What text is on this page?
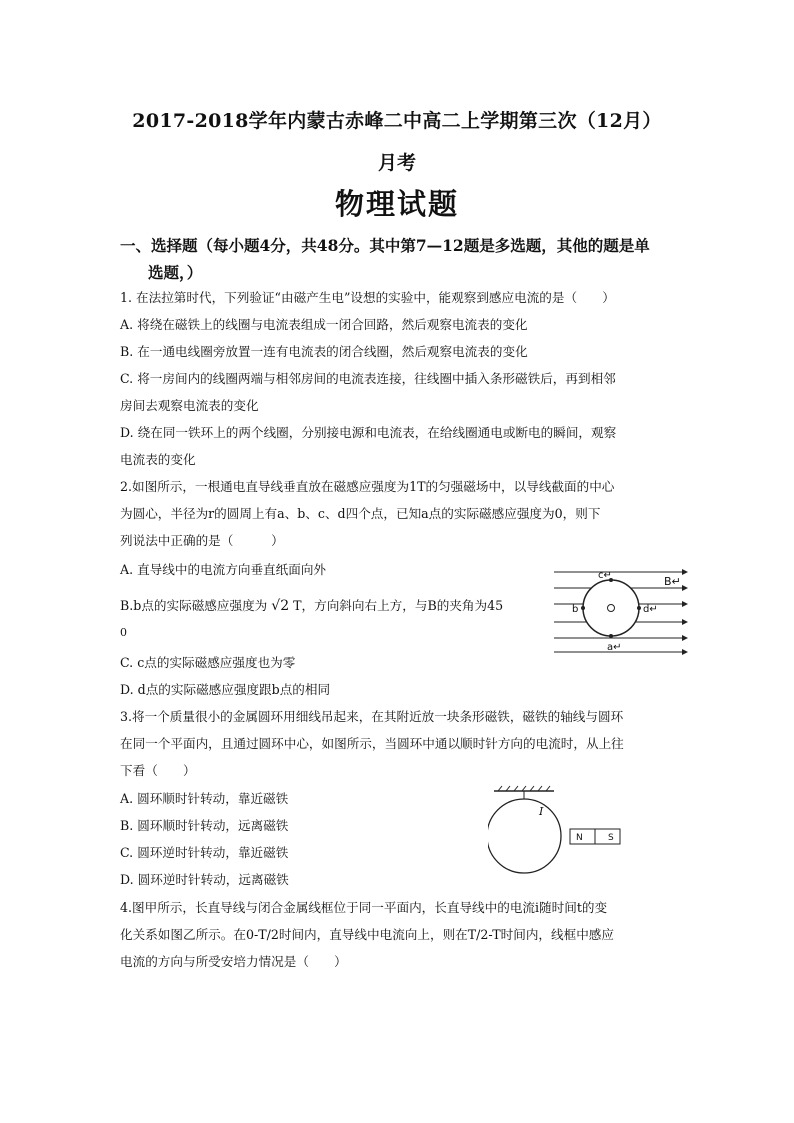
2017-2018学年内蒙古赤峰二中高二上学期第三次（12月）
月考
物理试题
一、选择题（每小题4分，共48分。其中第7—12题是多选题，其他的题是单
选题，）
1. 在法拉第时代，下列验证“由磁产生电”设想的实验中，能观察到感应电流的是（　　）
A. 将绕在磁铁上的线圈与电流表组成一闭合回路，然后观察电流表的变化
B. 在一通电线圈旁放置一连有电流表的闭合线圈，然后观察电流表的变化
C. 将一房间内的线圈两端与相邻房间的电流表连接，往线圈中插入条形磁铁后，再到相邻
房间去观察电流表的变化
D. 绕在同一铁环上的两个线圈，分别接电源和电流表，在给线圈通电或断电的瞬间，观察
电流表的变化
2.如图所示，一根通电直导线垂直放在磁感应强度为1T的匀强磁场中，以导线截面的中心
为圆心，半径为r的圆周上有a、b、c、d四个点，已知a点的实际磁感应强度为0，则下
列说法中正确的是（　　　）
A. 直导线中的电流方向垂直纸面向外
B.b点的实际磁感应强度为 √2 T，方向斜向右上方，与B的夹角为45
0
C. c点的实际磁感应强度也为零
D. d点的实际磁感应强度跟b点的相同
c↵
b	d↵
a↵
B↵
3.将一个质量很小的金属圆环用细线吊起来，在其附近放一块条形磁铁，磁铁的轴线与圆环
在同一个平面内，且通过圆环中心，如图所示，当圆环中通以顺时针方向的电流时，从上往
下看（　　）
A. 圆环顺时针转动，靠近磁铁
B. 圆环顺时针转动，远离磁铁
C. 圆环逆时针转动，靠近磁铁
D. 圆环逆时针转动，远离磁铁
I
N	S
4.图甲所示，长直导线与闭合金属线框位于同一平面内，长直导线中的电流i随时间t的变
化关系如图乙所示。在0-T/2时间内，直导线中电流向上，则在T/2-T时间内，线框中感应
电流的方向与所受安培力情况是（　　）
